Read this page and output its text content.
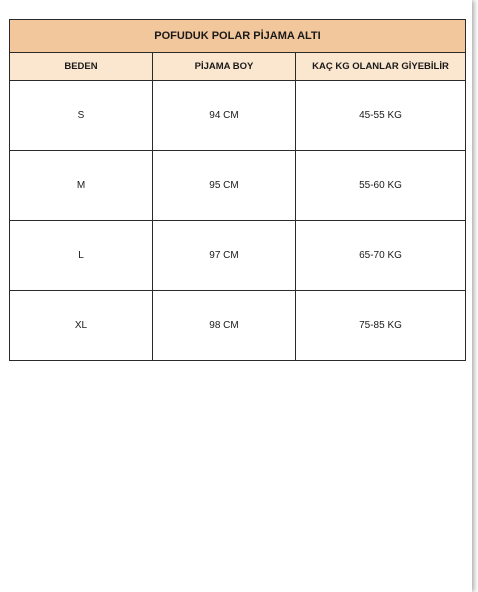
POFUDUK POLAR PİJAMA ALTI		
BEDEN	PİJAMA BOY	KAÇ KG OLANLAR GİYEBİLİR
S	94 CM	45-55 KG
M	95 CM	55-60 KG
L	97 CM	65-70 KG
XL	98 CM	75-85 KG
